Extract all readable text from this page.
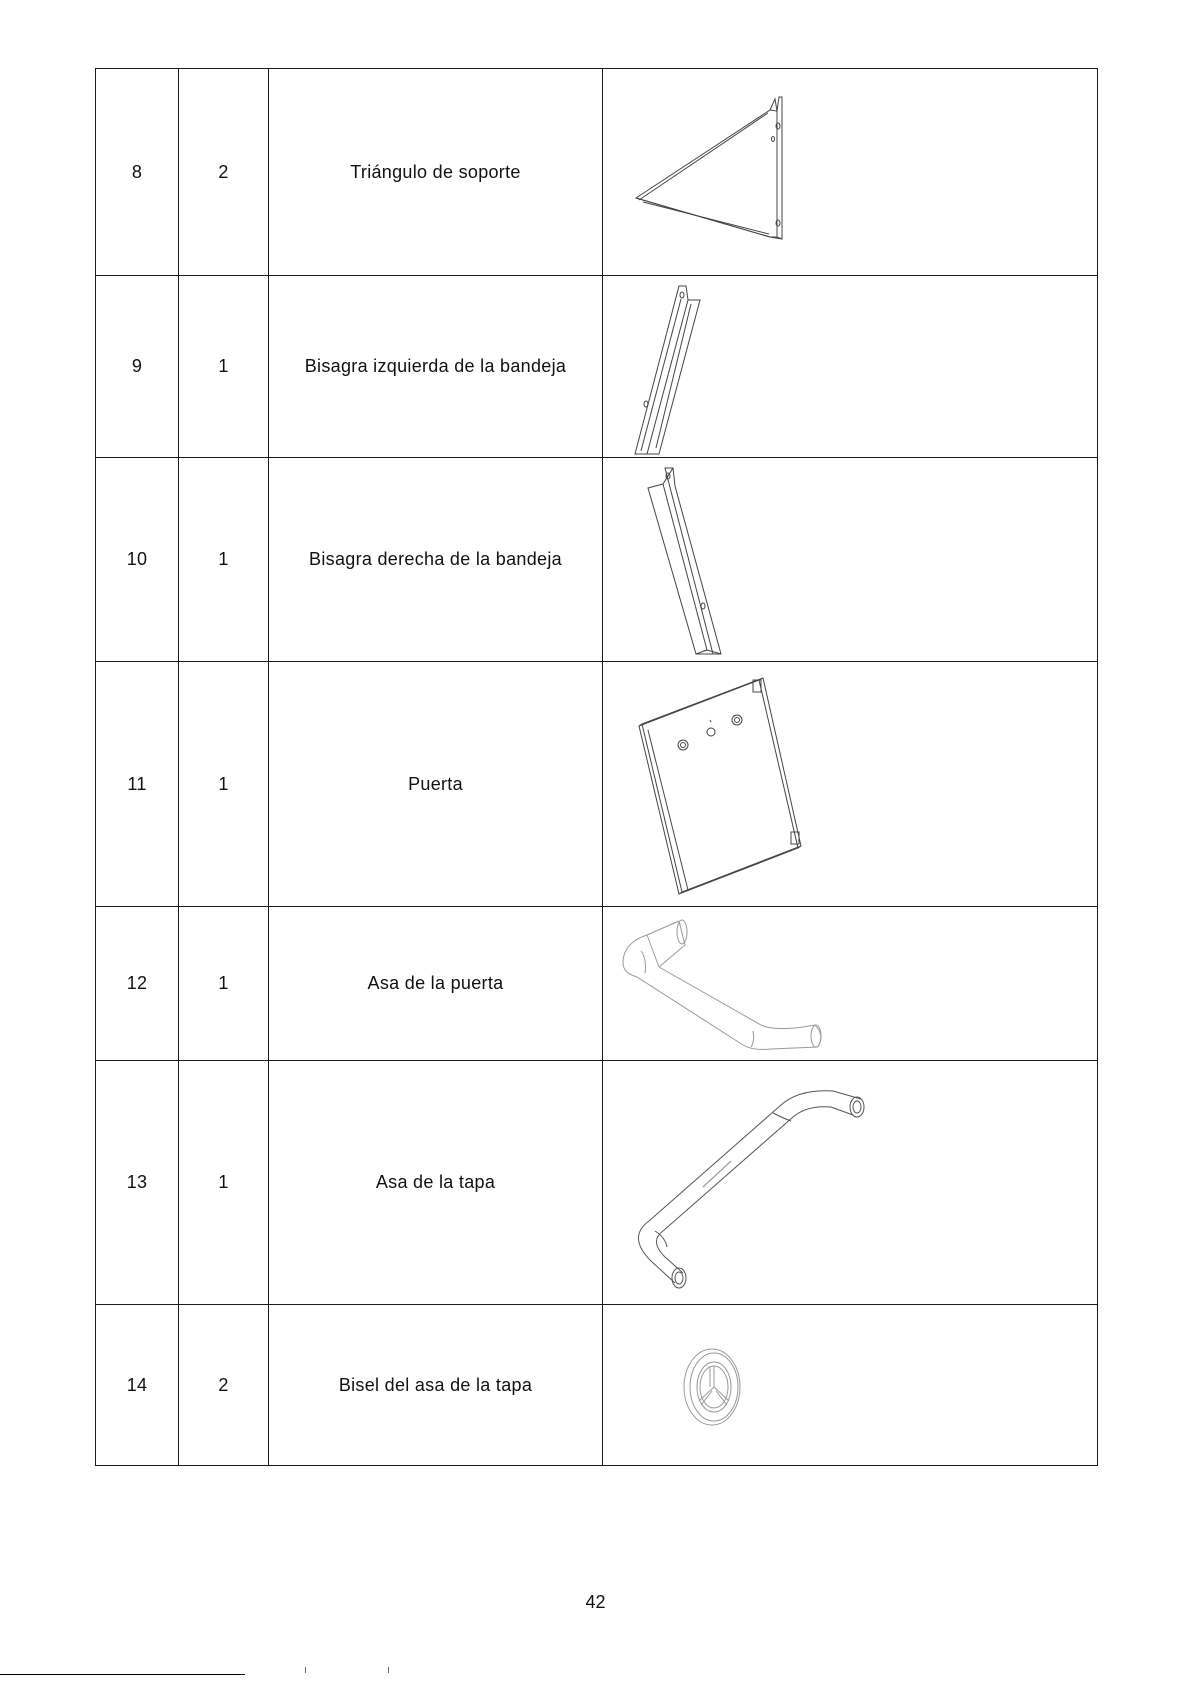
8	2	Triángulo de soporte	

9	1	Bisagra izquierda de la bandeja	

10	1	Bisagra derecha de la bandeja	

11	1	Puerta	

12	1	Asa de la puerta	

13	1	Asa de la tapa	

14	2	Bisel del asa de la tapa	
42
